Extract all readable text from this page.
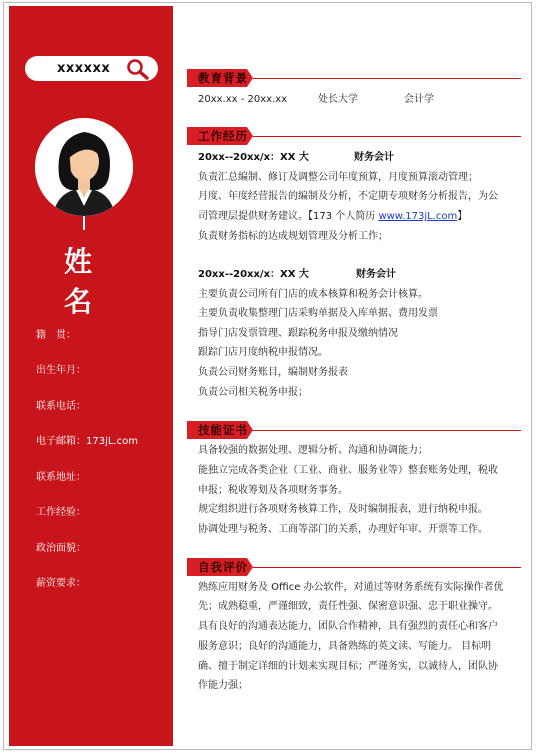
xxxxxx
姓 名
籍　贯：
出生年月：
联系电话：
电子邮箱：173jL.com
联系地址：
工作经验：
政治面貌：
薪资要求：
教育背景
20xx.xx - 20xx.xx	处长大学	会计学
工作经历
20xx--20xx/x：XX 大	财务会计
负责汇总编制、修订及调整公司年度预算，月度预算滚动管理；
月度、年度经营报告的编制及分析，不定期专项财务分析报告，为公
司管理层提供财务建议。【173 个人简历 www.173jL.com】
负责财务指标的达成规划管理及分析工作；
20xx--20xx/x：XX 大	财务会计
主要负责公司所有门店的成本核算和税务会计核算。
主要负责收集整理门店采购单据及入库单据、费用发票
指导门店发票管理、跟踪税务申报及缴纳情况
跟踪门店月度纳税申报情况。
负责公司财务账目，编制财务报表
负责公司相关税务申报；
技能证书
具备较强的数据处理、逻辑分析、沟通和协调能力；
能独立完成各类企业（工业、商业、服务业等）整套账务处理，税收
申报；税收筹划及各项财务事务。
规定组织进行各项财务核算工作，及时编制报表，进行纳税申报。
协调处理与税务、工商等部门的关系，办理好年审、开票等工作。
自我评价
熟练应用财务及 Office 办公软件，对通过等财务系统有实际操作者优
先；成熟稳重，严谨细致，责任性强、保密意识强、忠于职业操守。
具有良好的沟通表达能力，团队合作精神，具有强烈的责任心和客户
服务意识；良好的沟通能力，具备熟练的英文读、写能力。 目标明
确、擅于制定详细的计划来实现目标；严谨务实，以诚待人，团队协
作能力强；
